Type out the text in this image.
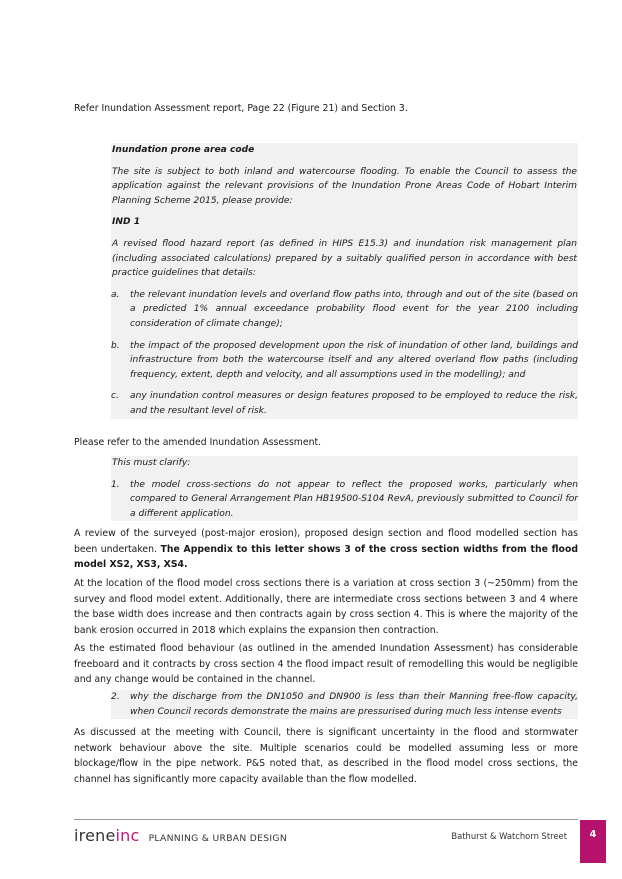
Refer Inundation Assessment report, Page 22 (Figure 21) and Section 3.

Inundation prone area code

The site is subject to both inland and watercourse flooding. To enable the Council to assess the application against the relevant provisions of the Inundation Prone Areas Code of Hobart Interim Planning Scheme 2015, please provide:

IND 1

A revised flood hazard report (as defined in HIPS E15.3) and inundation risk management plan (including associated calculations) prepared by a suitably qualified person in accordance with best practice guidelines that details:

a.	the relevant inundation levels and overland flow paths into, through and out of the site (based on a predicted 1% annual exceedance probability flood event for the year 2100 including consideration of climate change);
b.	the impact of the proposed development upon the risk of inundation of other land, buildings and infrastructure from both the watercourse itself and any altered overland flow paths (including frequency, extent, depth and velocity, and all assumptions used in the modelling); and
c.	any inundation control measures or design features proposed to be employed to reduce the risk, and the resultant level of risk.

Please refer to the amended Inundation Assessment.

This must clarify:

1.	the model cross-sections do not appear to reflect the proposed works, particularly when compared to General Arrangement Plan HB19500-S104 RevA, previously submitted to Council for a different application.

A review of the surveyed (post-major erosion), proposed design section and flood modelled section has been undertaken. The Appendix to this letter shows 3 of the cross section widths from the flood model XS2, XS3, XS4.

At the location of the flood model cross sections there is a variation at cross section 3 (~250mm) from the survey and flood model extent. Additionally, there are intermediate cross sections between 3 and 4 where the base width does increase and then contracts again by cross section 4. This is where the majority of the bank erosion occurred in 2018 which explains the expansion then contraction.

As the estimated flood behaviour (as outlined in the amended Inundation Assessment) has considerable freeboard and it contracts by cross section 4 the flood impact result of remodelling this would be negligible and any change would be contained in the channel.

2.	why the discharge from the DN1050 and DN900 is less than their Manning free-flow capacity, when Council records demonstrate the mains are pressurised during much less intense events

As discussed at the meeting with Council, there is significant uncertainty in the flood and stormwater network behaviour above the site. Multiple scenarios could be modelled assuming less or more blockage/flow in the pipe network. P&S noted that, as described in the flood model cross sections, the channel has significantly more capacity available than the flow modelled.

ireneinc PLANNING & URBAN DESIGN	Bathurst & Watchorn Street	4
